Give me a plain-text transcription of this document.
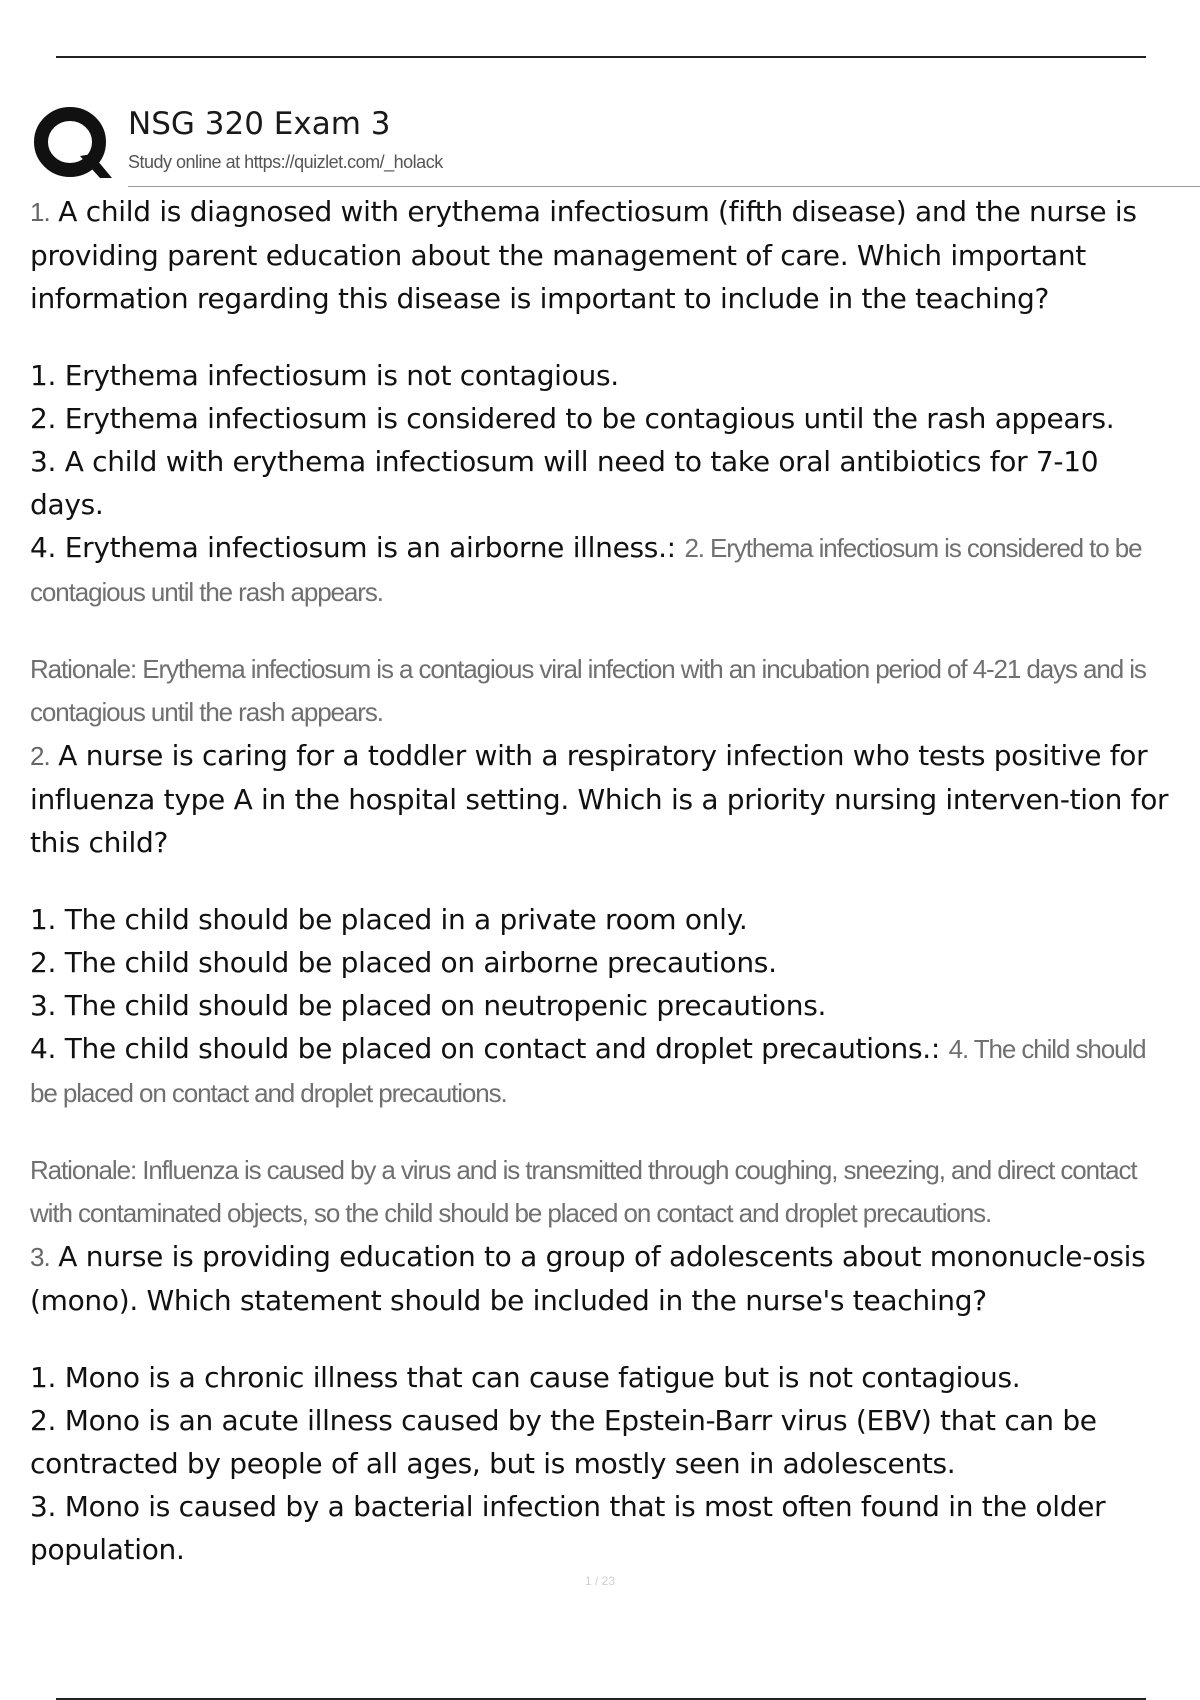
NSG 320 Exam 3
Study online at https://quizlet.com/_holack
1. A child is diagnosed with erythema infectiosum (fifth disease) and the nurse is providing parent education about the management of care. Which important information regarding this disease is important to include in the teaching?
1. Erythema infectiosum is not contagious.
2. Erythema infectiosum is considered to be contagious until the rash appears.
3. A child with erythema infectiosum will need to take oral antibiotics for 7-10 days.
4. Erythema infectiosum is an airborne illness.: 2. Erythema infectiosum is considered to be contagious until the rash appears.
Rationale: Erythema infectiosum is a contagious viral infection with an incubation period of 4-21 days and is contagious until the rash appears.
2. A nurse is caring for a toddler with a respiratory infection who tests positive for influenza type A in the hospital setting. Which is a priority nursing interven-tion for this child?
1. The child should be placed in a private room only.
2. The child should be placed on airborne precautions.
3. The child should be placed on neutropenic precautions.
4. The child should be placed on contact and droplet precautions.: 4. The child should be placed on contact and droplet precautions.
Rationale: Influenza is caused by a virus and is transmitted through coughing, sneezing, and direct contact with contaminated objects, so the child should be placed on contact and droplet precautions.
3. A nurse is providing education to a group of adolescents about mononucle-osis (mono). Which statement should be included in the nurse's teaching?
1. Mono is a chronic illness that can cause fatigue but is not contagious.
2. Mono is an acute illness caused by the Epstein-Barr virus (EBV) that can be contracted by people of all ages, but is mostly seen in adolescents.
3. Mono is caused by a bacterial infection that is most often found in the older population.
1 / 23
